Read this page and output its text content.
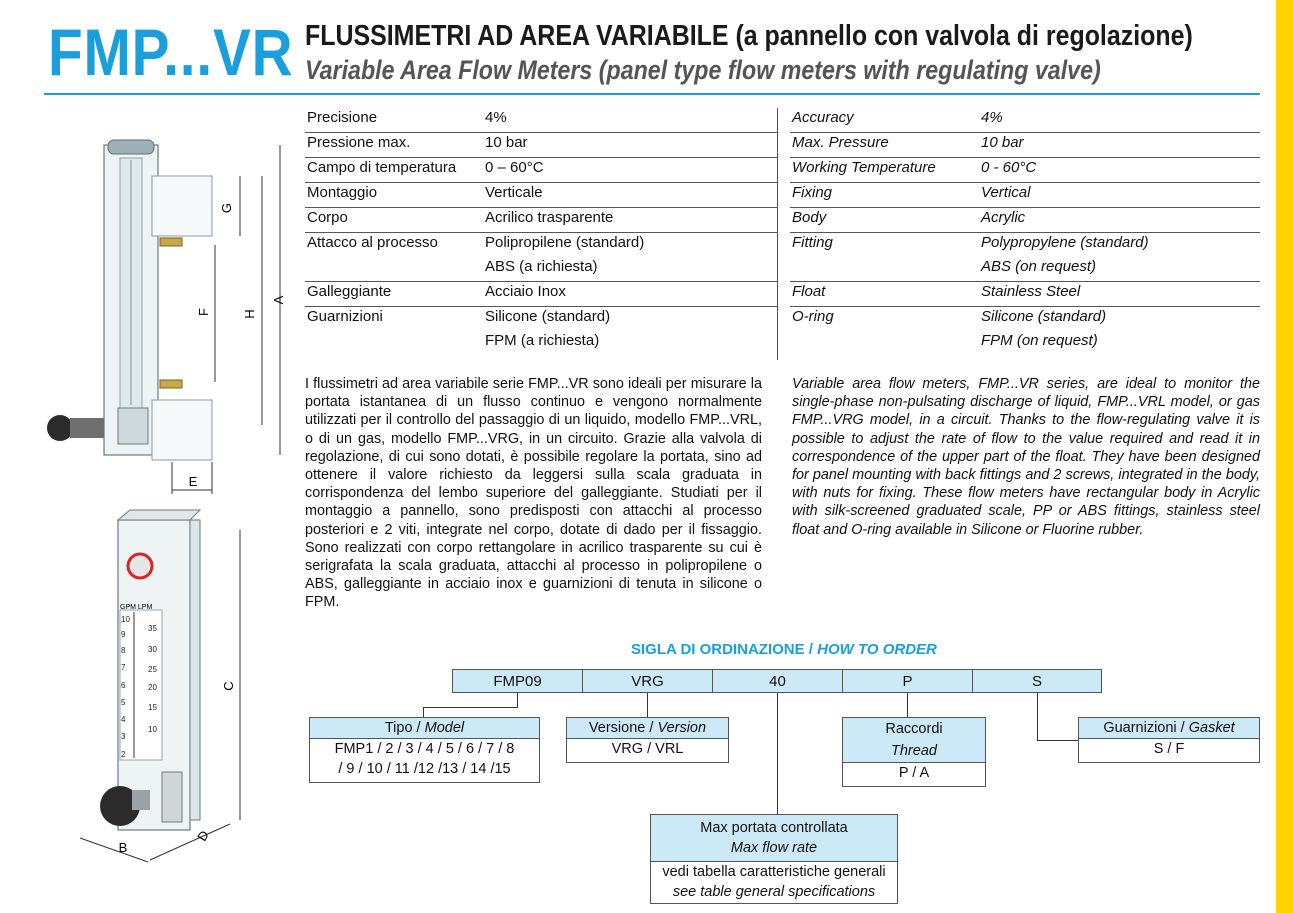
FMP...VR FLUSSIMETRI AD AREA VARIABILE (a pannello con valvola di regolazione)
Variable Area Flow Meters (panel type flow meters with regulating valve)
G
F H
A
E
GPM LPM
10
9
8
7
6
5
4
3
2
35
30
25
20
15
10
C
B
D
Precisione	4%
Pressione max.	10 bar
Campo di temperatura	0 – 60°C
Montaggio	Verticale
Corpo	Acrilico trasparente
Attacco al processo	Polipropilene (standard)
	ABS (a richiesta)
Galleggiante	Acciaio Inox
Guarnizioni	Silicone (standard)
	FPM (a richiesta)
Accuracy	4%
Max. Pressure	10 bar
Working Temperature	0 - 60°C
Fixing	Vertical
Body	Acrylic
Fitting	Polypropylene (standard)
	ABS (on request)
Float	Stainless Steel
O-ring	Silicone (standard)
	FPM (on request)
I flussimetri ad area variabile serie FMP...VR sono ideali per misurare la portata istantanea di un flusso continuo e vengono normalmente utilizzati per il controllo del passaggio di un liquido, modello FMP...VRL, o di un gas, modello FMP...VRG, in un circuito. Grazie alla valvola di regolazione, di cui sono dotati, è possibile regolare la portata, sino ad ottenere il valore richiesto da leggersi sulla scala graduata in corrispondenza del lembo superiore del galleggiante. Studiati per il montaggio a pannello, sono predisposti con attacchi al processo posteriori e 2 viti, integrate nel corpo, dotate di dado per il fissaggio. Sono realizzati con corpo rettangolare in acrilico trasparente su cui è serigrafata la scala graduata, attacchi al processo in polipropilene o ABS, galleggiante in acciaio inox e guarnizioni di tenuta in silicone o FPM.
Variable area flow meters, FMP...VR series, are ideal to monitor the single-phase non-pulsating discharge of liquid, FMP...VRL model, or gas FMP...VRG model, in a circuit. Thanks to the flow-regulating valve it is possible to adjust the rate of flow to the value required and read it in correspondence of the upper part of the float. They have been designed for panel mounting with back fittings and 2 screws, integrated in the body, with nuts for fixing. These flow meters have rectangular body in Acrylic with silk-screened graduated scale, PP or ABS fittings, stainless steel float and O-ring available in Silicone or Fluorine rubber.
SIGLA DI ORDINAZIONE / HOW TO ORDER
FMP09	VRG	40	P	S
Tipo / Model
FMP1 / 2 / 3 / 4 / 5 / 6 / 7 / 8
/ 9 / 10 / 11 /12 /13 / 14 /15
Versione / Version
VRG / VRL
Raccordi
Thread
P / A
Guarnizioni / Gasket
S / F
Max portata controllata
Max flow rate
vedi tabella caratteristiche generali
see table general specifications
